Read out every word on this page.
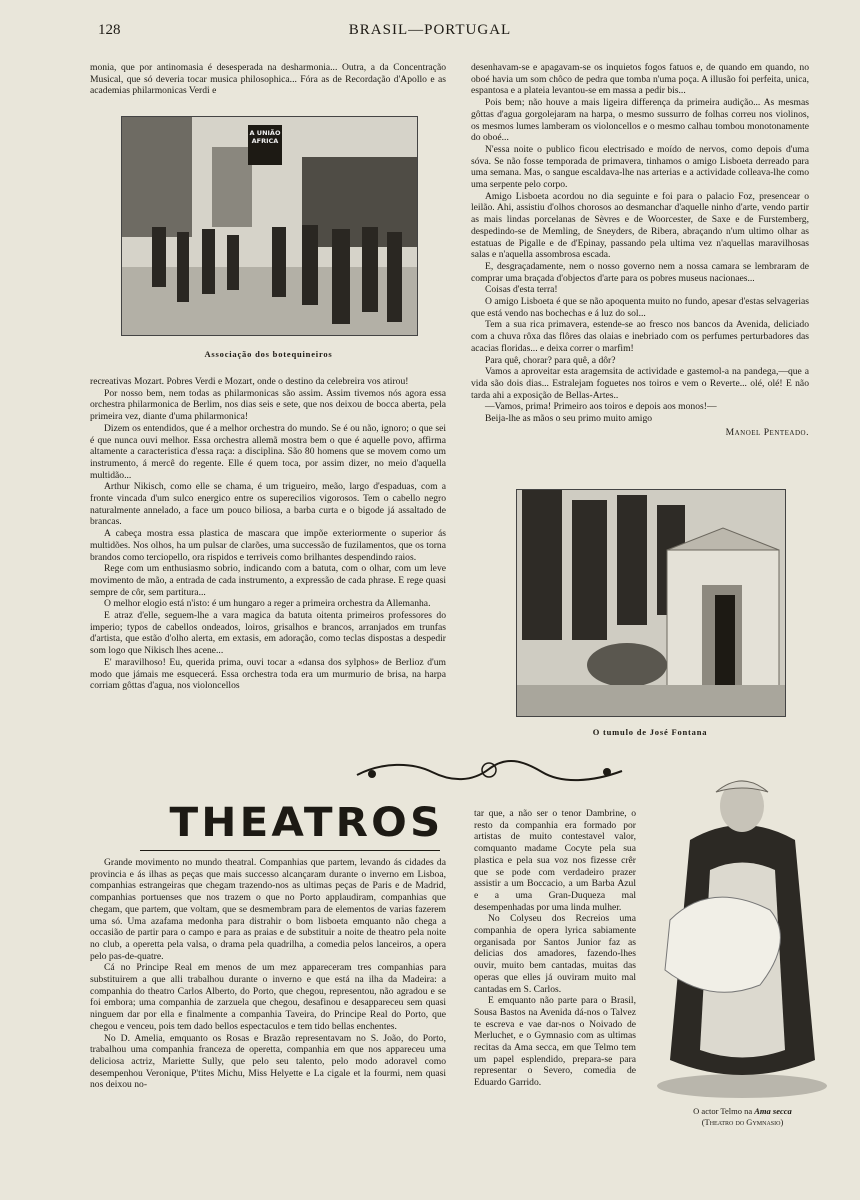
128	BRASIL—PORTUGAL

monia, que por antinomasia é desesperada na desharmonia... Outra, a da Concentração Musical, que só deveria tocar musica philosophica... Fóra as de Recordação d'Apollo e as academias philarmonicas Verdi e

A UNIÃO AFRICA
Associação dos botequineiros

recreativas Mozart. Pobres Verdi e Mozart, onde o destino da celebreira vos atirou!

Por nosso bem, nem todas as philarmonicas são assim. Assim tivemos nós agora essa orchestra philarmonica de Berlim, nos dias seis e sete, que nos deixou de bocca aberta, pela primeira vez, diante d'uma philarmonica!

Dizem os entendidos, que é a melhor orchestra do mundo. Se é ou não, ignoro; o que sei é que nunca ouvi melhor. Essa orchestra allemã mostra bem o que é aquelle povo, affirma altamente a caracteristica d'essa raça: a disciplina. São 80 homens que se movem como um instrumento, á mercê do regente. Elle é quem toca, por assim dizer, no meio d'aquella multidão...

Arthur Nikisch, como elle se chama, é um trigueiro, meão, largo d'espaduas, com a fronte vincada d'um sulco energico entre os superecilios vigorosos. Tem o cabello negro naturalmente annelado, a face um pouco biliosa, a barba curta e o bigode já assaltado de brancas.

A cabeça mostra essa plastica de mascara que impõe exteriormente o superior ás multidões. Nos olhos, ha um pulsar de clarões, uma successão de fuzilamentos, que os torna brandos como terciopello, ora rispidos e terriveis como brilhantes despendindo raios.

Rege com um enthusiasmo sobrio, indicando com a batuta, com o olhar, com um leve movimento de mão, a entrada de cada instrumento, a expressão de cada phrase. E rege quasi sempre de côr, sem partitura...

O melhor elogio está n'isto: é um hungaro a reger a primeira orchestra da Allemanha.

E atraz d'elle, seguem-lhe a vara magica da batuta oitenta primeiros professores do imperio; typos de cabellos ondeados, loiros, grisalhos e brancos, arranjados em trunfas d'artista, que estão d'olho alerta, em extasis, em adoração, como teclas dispostas a despedir som logo que Nikisch lhes acene...

E' maravilhoso! Eu, querida prima, ouvi tocar a «dansa dos sylphos» de Berlioz d'um modo que jámais me esquecerá. Essa orchestra toda era um murmurio de brisa, na harpa corriam gôttas d'agua, nos violoncellos

desenhavam-se e apagavam-se os inquietos fogos fatuos e, de quando em quando, no oboé havia um som chôco de pedra que tomba n'uma poça. A illusão foi perfeita, unica, espantosa e a plateia levantou-se em massa a pedir bis...

Pois bem; não houve a mais ligeira differença da primeira audição... As mesmas gôttas d'agua gorgolejaram na harpa, o mesmo sussurro de folhas correu nos violinos, os mesmos lumes lamberam os violoncellos e o mesmo calhau tombou monotonamente do oboé...

N'essa noite o publico ficou electrisado e moído de nervos, como depois d'uma sóva. Se não fosse temporada de primavera, tinhamos o amigo Lisboeta derreado para uma semana. Mas, o sangue escaldava-lhe nas arterias e a actividade colleava-lhe como uma serpente pelo corpo.

Amigo Lisboeta acordou no dia seguinte e foi para o palacio Foz, presencear o leilão. Ahi, assistiu d'olhos chorosos ao desmanchar d'aquelle ninho d'arte, vendo partir as mais lindas porcelanas de Sèvres e de Woorcester, de Saxe e de Furstemberg, despedindo-se de Memling, de Sneyders, de Ribera, abraçando n'um ultimo olhar as estatuas de Pigalle e de d'Epinay, passando pela ultima vez n'aquellas maravilhosas salas e n'aquella assombrosa escada.

E, desgraçadamente, nem o nosso governo nem a nossa camara se lembraram de comprar uma braçada d'objectos d'arte para os pobres museus nacionaes...

Coisas d'esta terra!

O amigo Lisboeta é que se não apoquenta muito no fundo, apesar d'estas selvagerias que está vendo nas bochechas e á luz do sol...

Tem a sua rica primavera, estende-se ao fresco nos bancos da Avenida, deliciado com a chuva rôxa das flôres das olaias e inebriado com os perfumes perturbadores das acacias floridas... e deixa correr o marfim!

Para quê, chorar? para quê, a dôr?

Vamos a aproveitar esta aragemsita de actividade e gastemol-a na pandega,—que a vida são dois dias... Estralejam foguetes nos toiros e vem o Reverte... olé, olé! E não tarda ahi a exposição de Bellas-Artes..

—Vamos, prima! Primeiro aos toiros e depois aos monos!—

Beija-lhe as mãos o seu primo muito amigo

Manoel Penteado.

O tumulo de José Fontana
THEATROS

Grande movimento no mundo theatral. Companhias que partem, levando ás cidades da provincia e ás ilhas as peças que mais successo alcançaram durante o inverno em Lisboa, companhias estrangeiras que chegam trazendo-nos as ultimas peças de Paris e de Madrid, companhias portuenses que nos trazem o que no Porto applaudiram, companhias que chegam, que partem, que voltam, que se desmembram para de elementos de varias fazerem uma só. Uma azafama medonha para distrahir o bom lisboeta emquanto não chega a occasião de partir para o campo e para as praias e de substituir a noite de theatro pela noite no club, a operetta pela valsa, o drama pela quadrilha, a comedia pelos lanceiros, a opera pelo pas-de-quatre.

Cá no Principe Real em menos de um mez appareceram tres companhias para substituirem a que alli trabalhou durante o inverno e que está na ilha da Madeira: a companhia do theatro Carlos Alberto, do Porto, que chegou, representou, não agradou e se foi embora; uma companhia de zarzuela que chegou, desafinou e desappareceu sem quasi ninguem dar por ella e finalmente a companhia Taveira, do Principe Real do Porto, que chegou e venceu, pois tem dado bellos espectaculos e tem tido bellas enchentes.

No D. Amelia, emquanto os Rosas e Brazão representavam no S. João, do Porto, trabalhou uma companhia franceza de operetta, companhia em que nos appareceu uma deliciosa actriz, Mariette Sully, que pelo seu talento, pelo modo adoravel como desempenhou Veronique, P'tites Michu, Miss Helyette e La cigale et la fourmi, nem quasi nos deixou no-

tar que, a não ser o tenor Dambrine, o resto da companhia era formado por artistas de muito contestavel valor, comquanto madame Cocyte pela sua plastica e pela sua voz nos fizesse crêr que se pode com verdadeiro prazer assistir a um Boccacio, a um Barba Azul e a uma Gran-Duqueza mal desempenhadas por uma linda mulher.

No Colyseu dos Recreios uma companhia de opera lyrica sabiamente organisada por Santos Junior faz as delicias dos amadores, fazendo-lhes ouvir, muito bem cantadas, muitas das operas que elles já ouviram muito mal cantadas em S. Carlos.

E emquanto não parte para o Brasil, Sousa Bastos na Avenida dá-nos o Talvez te escreva e vae dar-nos o Noivado de Merluchet, e o Gymnasio com as ultimas recitas da Ama secca, em que Telmo tem um papel esplendido, prepara-se para representar o Severo, comedia de Eduardo Garrido.

O actor Telmo na Ama secca
(Theatro do Gymnasio)
